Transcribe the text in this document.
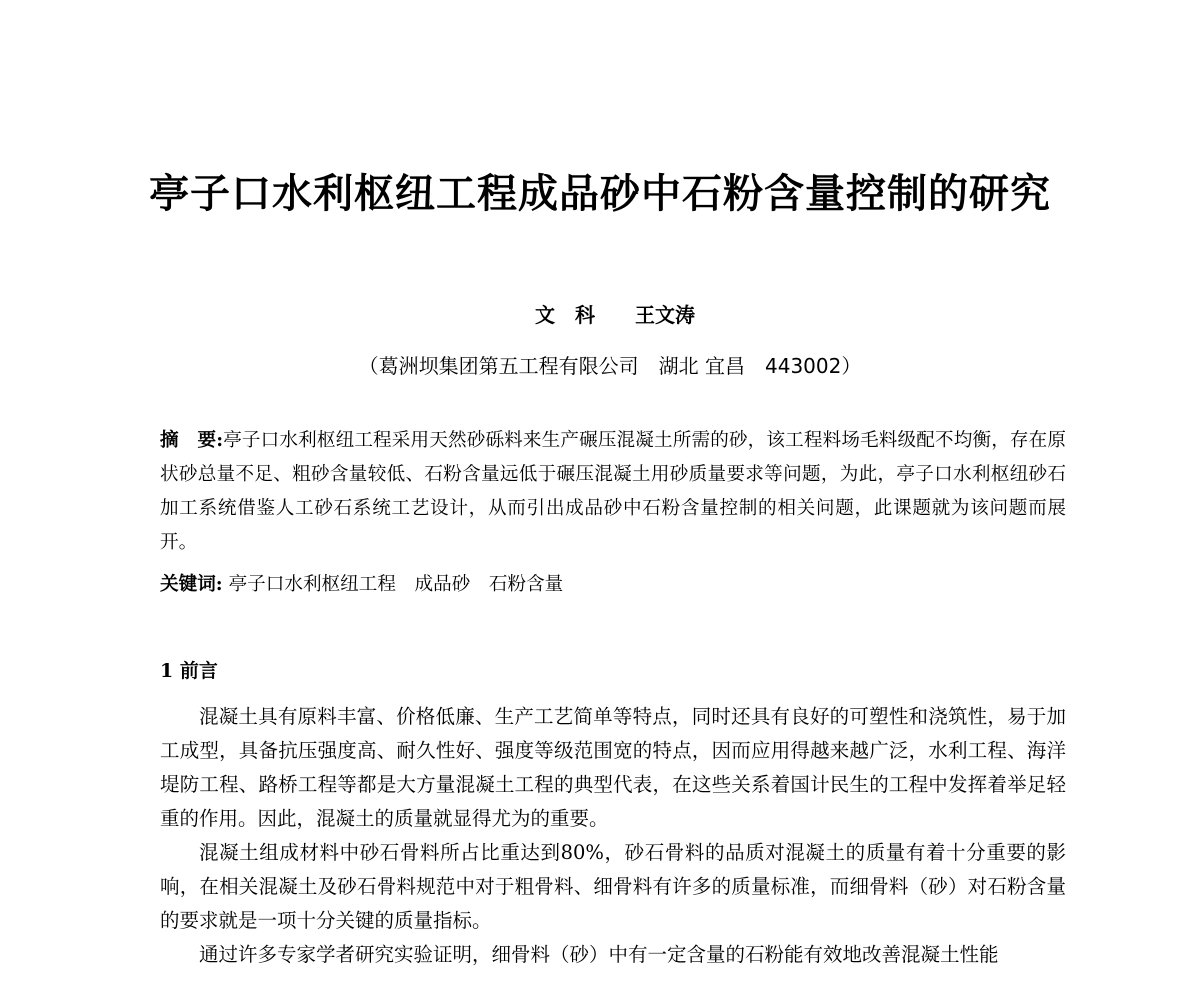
亭子口水利枢纽工程成品砂中石粉含量控制的研究
文　科　　王文涛
（葛洲坝集团第五工程有限公司　湖北 宜昌　443002）
摘　要:亭子口水利枢纽工程采用天然砂砾料来生产碾压混凝土所需的砂，该工程料场毛料级配不均衡，存在原状砂总量不足、粗砂含量较低、石粉含量远低于碾压混凝土用砂质量要求等问题，为此，亭子口水利枢纽砂石加工系统借鉴人工砂石系统工艺设计，从而引出成品砂中石粉含量控制的相关问题，此课题就为该问题而展开。
关键词: 亭子口水利枢纽工程　成品砂　石粉含量
1 前言

混凝土具有原料丰富、价格低廉、生产工艺简单等特点，同时还具有良好的可塑性和浇筑性，易于加工成型，具备抗压强度高、耐久性好、强度等级范围宽的特点，因而应用得越来越广泛，水利工程、海洋堤防工程、路桥工程等都是大方量混凝土工程的典型代表，在这些关系着国计民生的工程中发挥着举足轻重的作用。因此，混凝土的质量就显得尤为的重要。

混凝土组成材料中砂石骨料所占比重达到80%，砂石骨料的品质对混凝土的质量有着十分重要的影响，在相关混凝土及砂石骨料规范中对于粗骨料、细骨料有许多的质量标准，而细骨料（砂）对石粉含量的要求就是一项十分关键的质量指标。

通过许多专家学者研究实验证明，细骨料（砂）中有一定含量的石粉能有效地改善混凝土性能
